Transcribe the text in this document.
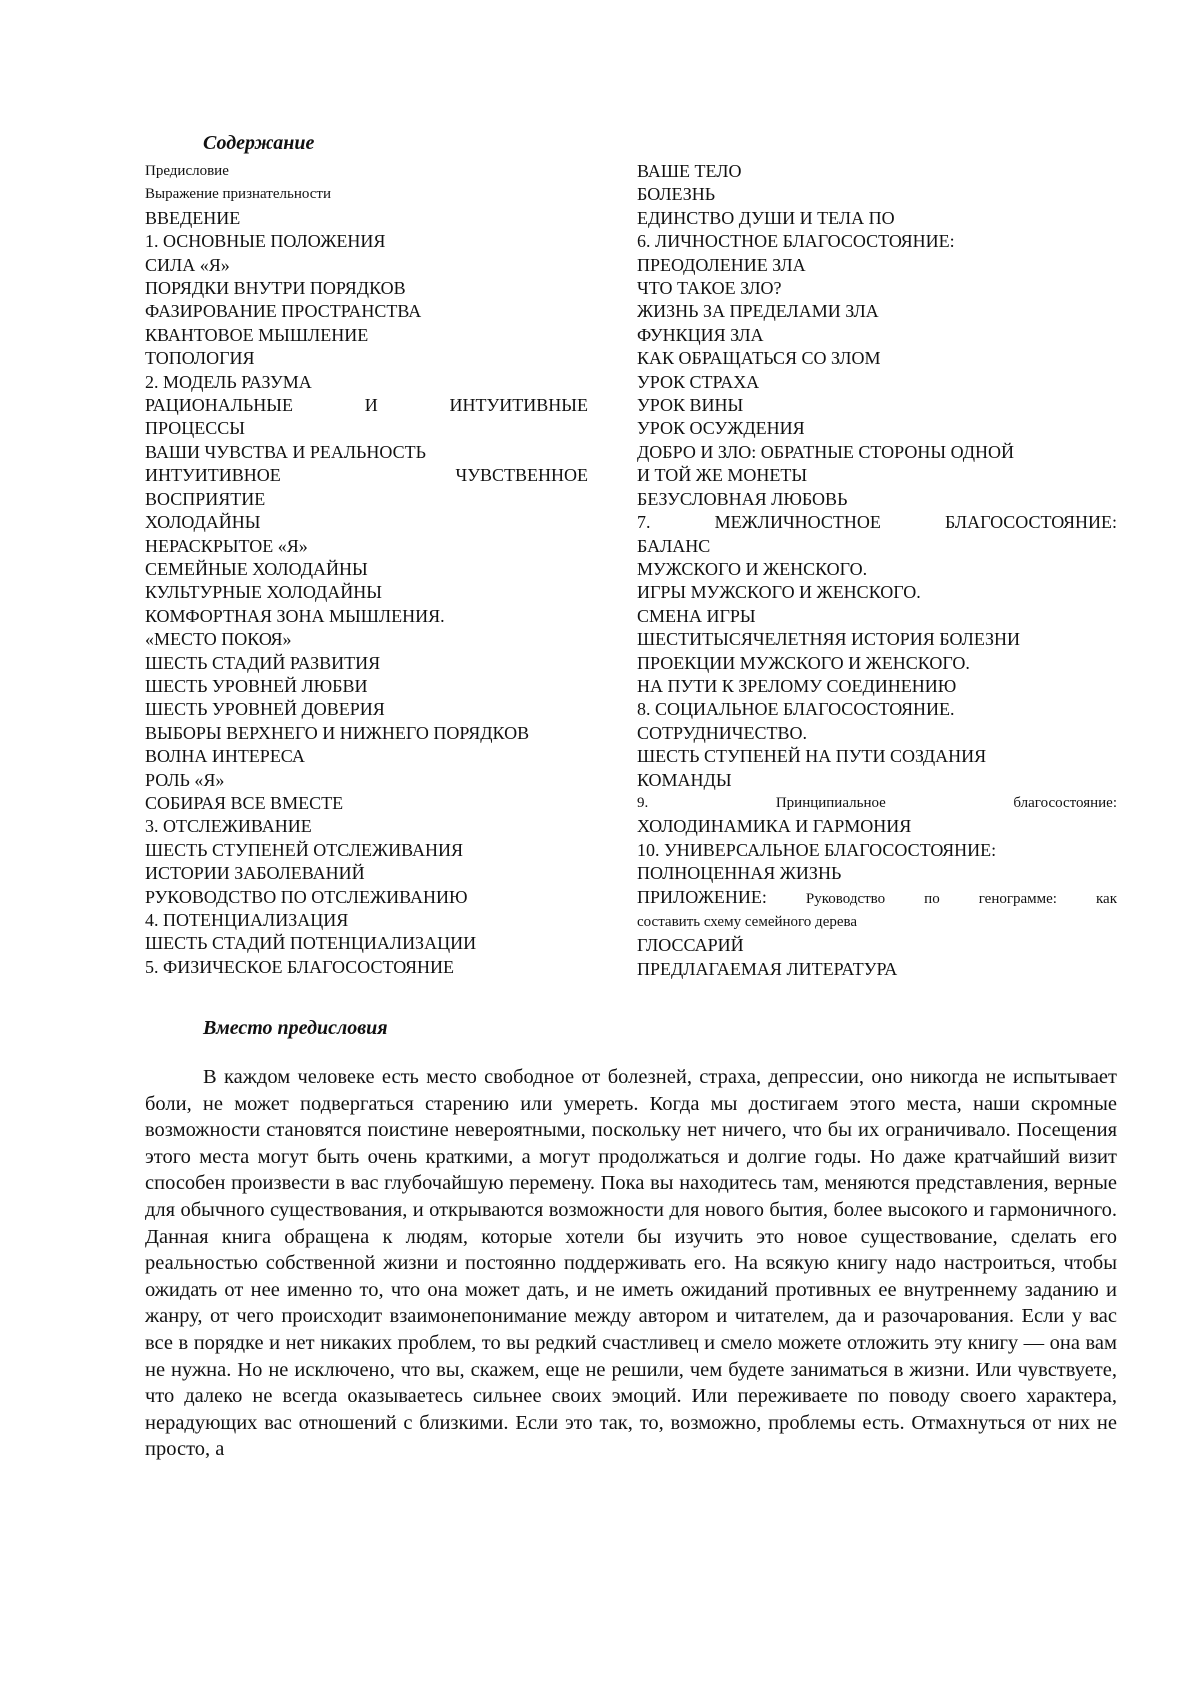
Содержание
Предисловие
Выражение признательности
ВВЕДЕНИЕ
1. ОСНОВНЫЕ ПОЛОЖЕНИЯ
СИЛА «Я»
ПОРЯДКИ ВНУТРИ ПОРЯДКОВ
ФАЗИРОВАНИЕ ПРОСТРАНСТВА
КВАНТОВОЕ МЫШЛЕНИЕ
ТОПОЛОГИЯ
2. МОДЕЛЬ РАЗУМА
РАЦИОНАЛЬНЫЕ И ИНТУИТИВНЫЕ
ПРОЦЕССЫ
ВАШИ ЧУВСТВА И РЕАЛЬНОСТЬ
ИНТУИТИВНОЕ ЧУВСТВЕННОЕ
ВОСПРИЯТИЕ
ХОЛОДАЙНЫ
НЕРАСКРЫТОЕ «Я»
СЕМЕЙНЫЕ ХОЛОДАЙНЫ
КУЛЬТУРНЫЕ ХОЛОДАЙНЫ
КОМФОРТНАЯ ЗОНА МЫШЛЕНИЯ.
«МЕСТО ПОКОЯ»
ШЕСТЬ СТАДИЙ РАЗВИТИЯ
ШЕСТЬ УРОВНЕЙ ЛЮБВИ
ШЕСТЬ УРОВНЕЙ ДОВЕРИЯ
ВЫБОРЫ ВЕРХНЕГО И НИЖНЕГО ПОРЯДКОВ
ВОЛНА ИНТЕРЕСА
РОЛЬ «Я»
СОБИРАЯ ВСЕ ВМЕСТЕ
3. ОТСЛЕЖИВАНИЕ
ШЕСТЬ СТУПЕНЕЙ ОТСЛЕЖИВАНИЯ
ИСТОРИИ ЗАБОЛЕВАНИЙ
РУКОВОДСТВО ПО ОТСЛЕЖИВАНИЮ
4. ПОТЕНЦИАЛИЗАЦИЯ
ШЕСТЬ СТАДИЙ ПОТЕНЦИАЛИЗАЦИИ
5. ФИЗИЧЕСКОЕ БЛАГОСОСТОЯНИЕ
ВАШЕ ТЕЛО
БОЛЕЗНЬ
ЕДИНСТВО ДУШИ И ТЕЛА ПО
6. ЛИЧНОСТНОЕ БЛАГОСОСТОЯНИЕ:
ПРЕОДОЛЕНИЕ ЗЛА
ЧТО ТАКОЕ ЗЛО?
ЖИЗНЬ ЗА ПРЕДЕЛАМИ ЗЛА
ФУНКЦИЯ ЗЛА
КАК ОБРАЩАТЬСЯ СО ЗЛОМ
УРОК СТРАХА
УРОК ВИНЫ
УРОК ОСУЖДЕНИЯ
ДОБРО И ЗЛО: ОБРАТНЫЕ СТОРОНЫ ОДНОЙ
И ТОЙ ЖЕ МОНЕТЫ
БЕЗУСЛОВНАЯ ЛЮБОВЬ
7. МЕЖЛИЧНОСТНОЕ БЛАГОСОСТОЯНИЕ:
БАЛАНС
МУЖСКОГО И ЖЕНСКОГО.
ИГРЫ МУЖСКОГО И ЖЕНСКОГО.
СМЕНА ИГРЫ
ШЕСТИТЫСЯЧЕЛЕТНЯЯ ИСТОРИЯ БОЛЕЗНИ
ПРОЕКЦИИ МУЖСКОГО И ЖЕНСКОГО.
НА ПУТИ К ЗРЕЛОМУ СОЕДИНЕНИЮ
8. СОЦИАЛЬНОЕ БЛАГОСОСТОЯНИЕ.
СОТРУДНИЧЕСТВО.
ШЕСТЬ СТУПЕНЕЙ НА ПУТИ СОЗДАНИЯ
КОМАНДЫ
9. Принципиальное благосостояние:
ХОЛОДИНАМИКА И ГАРМОНИЯ
10. УНИВЕРСАЛЬНОЕ БЛАГОСОСТОЯНИЕ:
ПОЛНОЦЕННАЯ ЖИЗНЬ
ПРИЛОЖЕНИЕ: Руководство по генограмме: как
составить схему семейного дерева
ГЛОССАРИЙ
ПРЕДЛАГАЕМАЯ ЛИТЕРАТУРА
Вместо предисловия

В каждом человеке есть место свободное от болезней, страха, депрессии, оно никогда не испытывает боли, не может подвергаться старению или умереть. Когда мы достигаем этого места, наши скромные возможности становятся поистине невероятными, поскольку нет ничего, что бы их ограничивало. Посещения этого места могут быть очень краткими, а могут продолжаться и долгие годы. Но даже кратчайший визит способен произвести в вас глубочайшую перемену. Пока вы находитесь там, меняются представления, верные для обычного существования, и открываются возможности для нового бытия, более высокого и гармоничного. Данная книга обращена к людям, которые хотели бы изучить это новое существование, сделать его реальностью собственной жизни и постоянно поддерживать его. На всякую книгу надо настроиться, чтобы ожидать от нее именно то, что она может дать, и не иметь ожиданий противных ее внутреннему заданию и жанру, от чего происходит взаимонепонимание между автором и читателем, да и разочарования. Если у вас все в порядке и нет никаких проблем, то вы редкий счастливец и смело можете отложить эту книгу — она вам не нужна. Но не исключено, что вы, скажем, еще не решили, чем будете заниматься в жизни. Или чувствуете, что далеко не всегда оказываетесь сильнее своих эмоций. Или переживаете по поводу своего характера, нерадующих вас отношений с близкими. Если это так, то, возможно, проблемы есть. Отмахнуться от них не просто, а
